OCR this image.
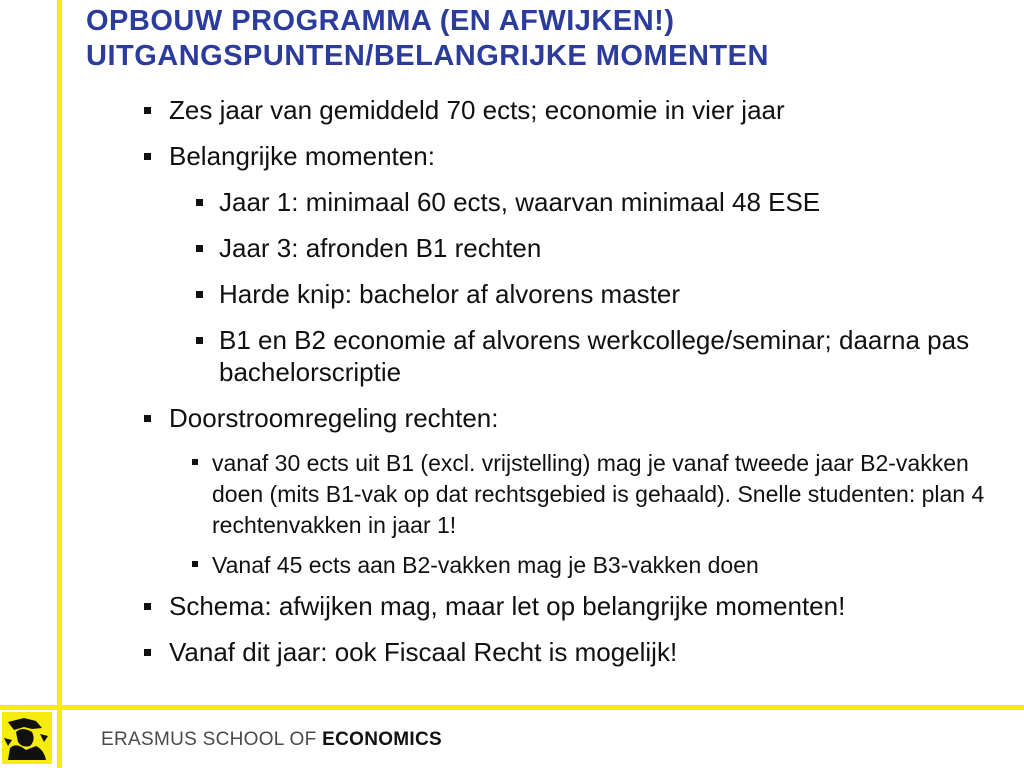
OPBOUW PROGRAMMA (EN AFWIJKEN!)
UITGANGSPUNTEN/BELANGRIJKE MOMENTEN
Zes jaar van gemiddeld 70 ects; economie in vier jaar
Belangrijke momenten:
Jaar 1: minimaal 60 ects, waarvan minimaal 48 ESE
Jaar 3: afronden B1 rechten
Harde knip: bachelor af alvorens master
B1 en B2 economie af alvorens werkcollege/seminar; daarna pas bachelorscriptie
Doorstroomregeling rechten:
vanaf 30 ects uit B1 (excl. vrijstelling) mag je vanaf tweede jaar B2-vakken doen (mits B1-vak op dat rechtsgebied is gehaald). Snelle studenten: plan 4 rechtenvakken in jaar 1!
Vanaf 45 ects aan B2-vakken mag je B3-vakken doen
Schema: afwijken mag, maar let op belangrijke momenten!
Vanaf dit jaar: ook Fiscaal Recht is mogelijk!
ERASMUS SCHOOL OF ECONOMICS
